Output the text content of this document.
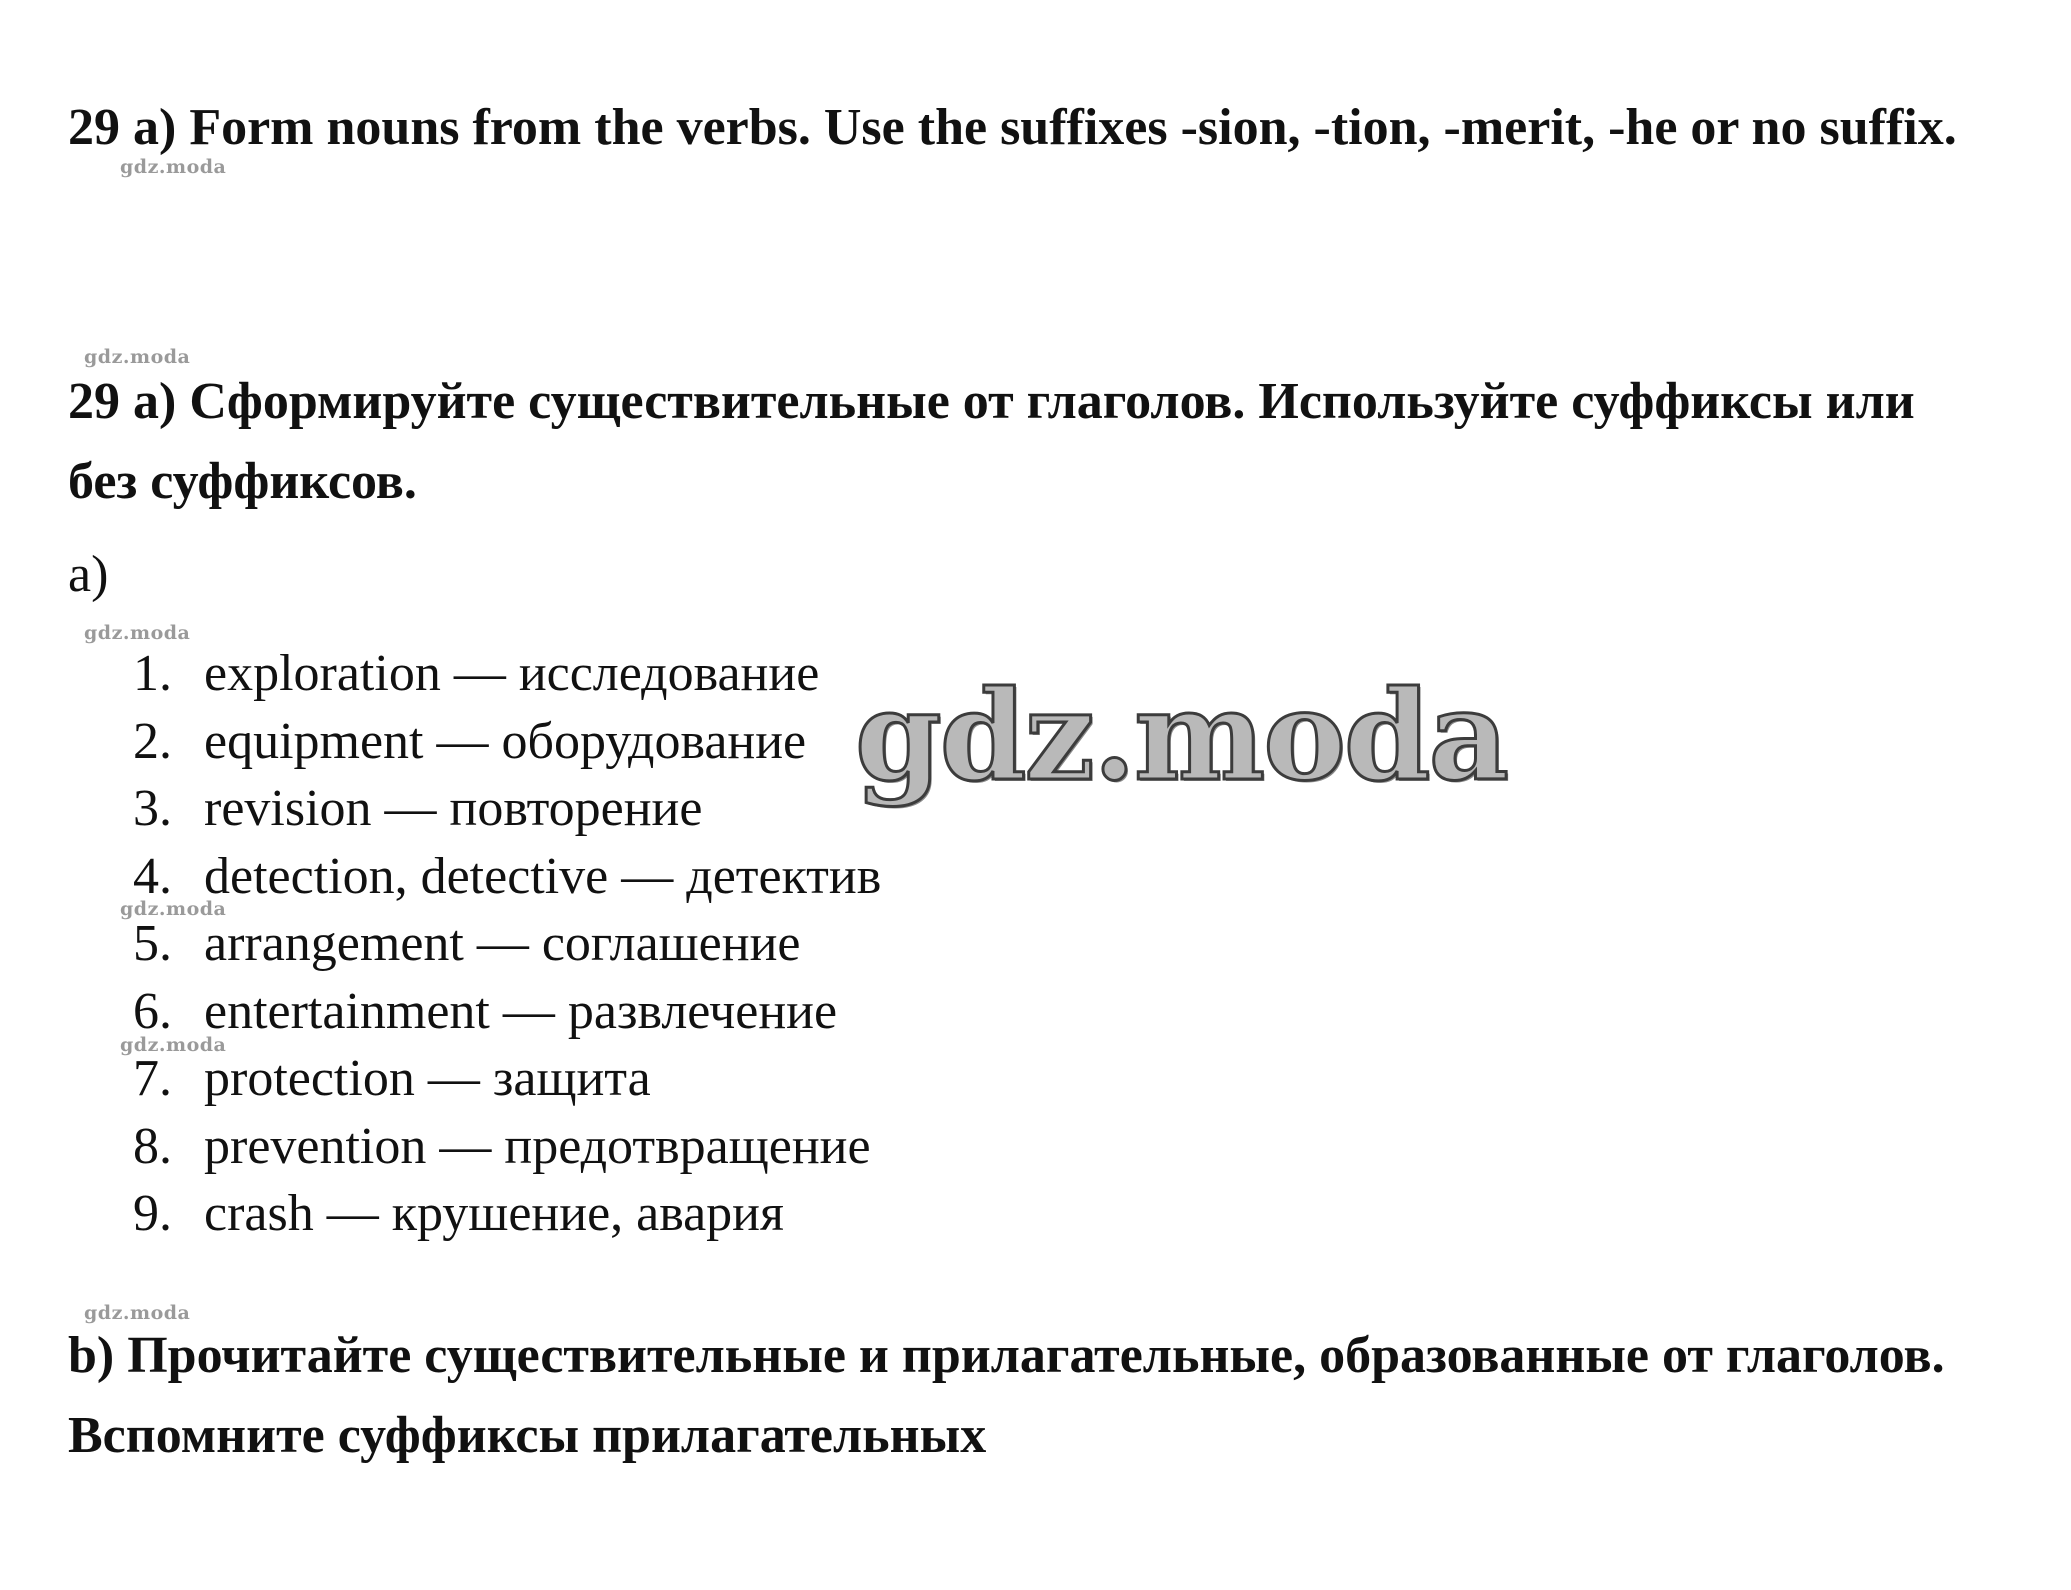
29 a) Form nouns from the verbs. Use the suffixes -sion, -tion, -merit, -he or no suffix.
29 a) Сформируйте существительные от глаголов. Используйте суффиксы или без суффиксов.
a)
1. exploration — исследование
2. equipment — оборудование
3. revision — повторение
4. detection, detective — детектив
5. arrangement — соглашение
6. entertainment — развлечение
7. protection — защита
8. prevention — предотвращение
9. crash — крушение, авария
b) Прочитайте существительные и прилагательные, образованные от глаголов. Вспомните суффиксы прилагательных
gdz.moda
gdz.moda
gdz.moda
gdz.moda
gdz.moda
gdz.moda
gdz.moda
